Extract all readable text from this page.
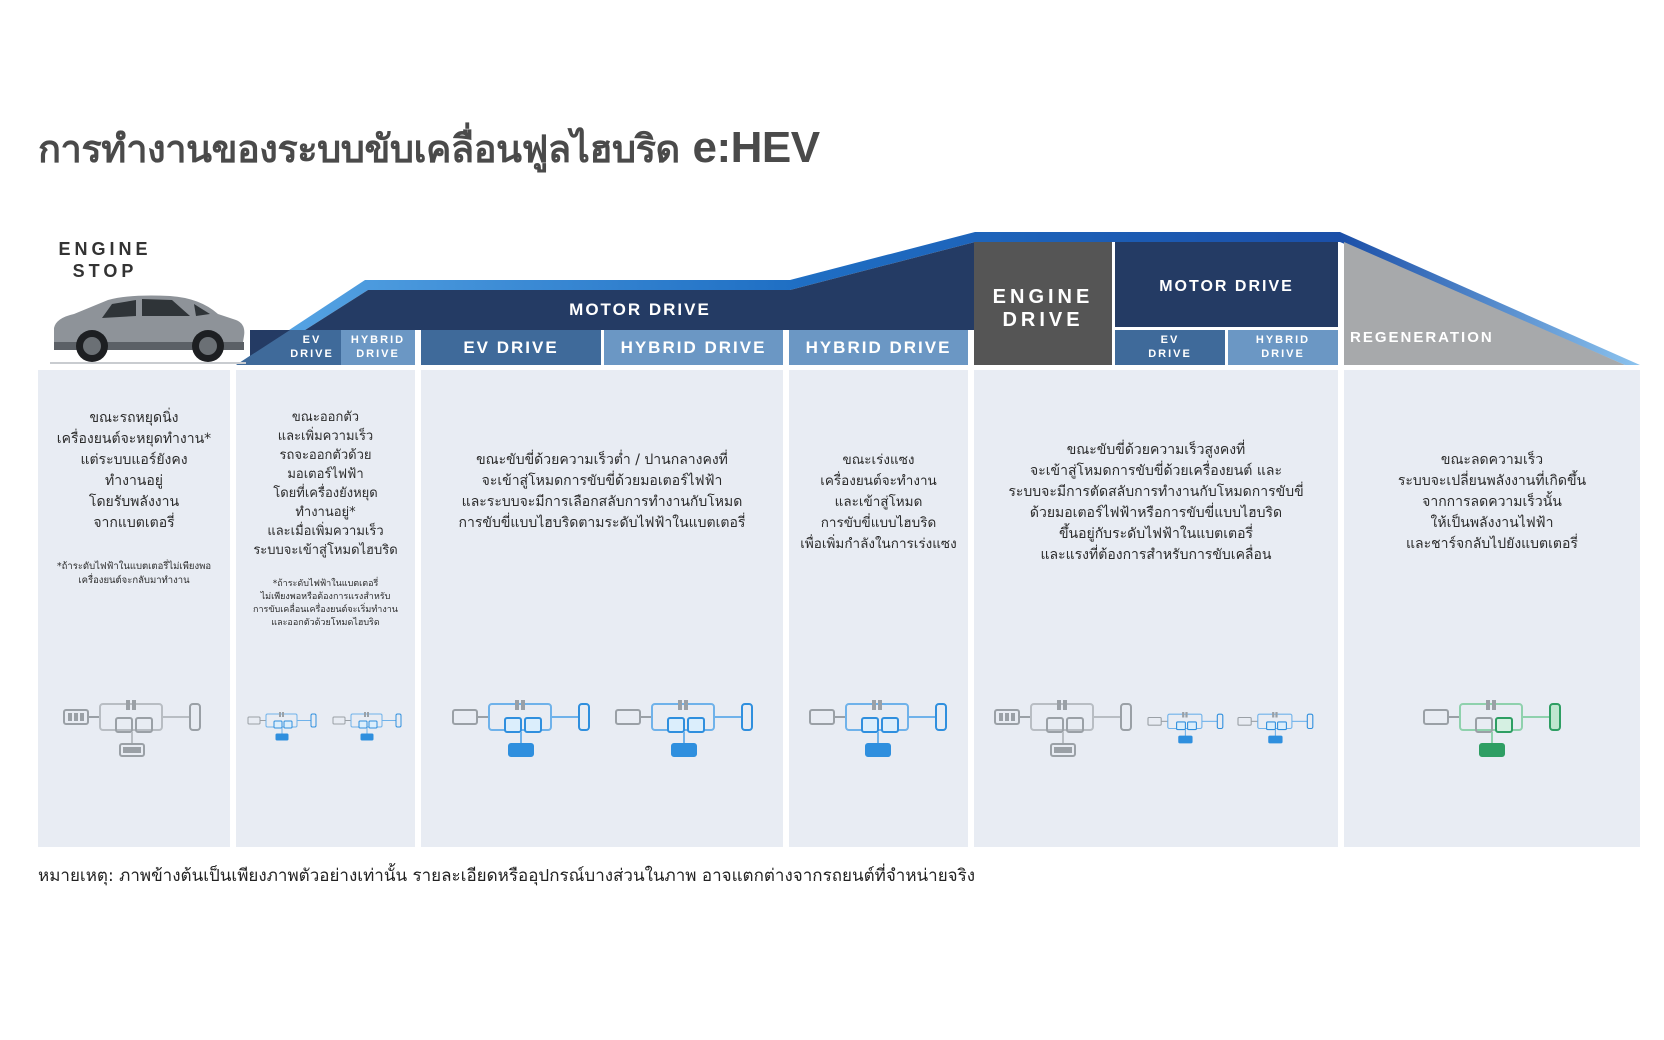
การทำงานของระบบขับเคลื่อนฟูลไฮบริด e:HEV
ENGINE
STOP
MOTOR DRIVE
EV
DRIVE
HYBRID
DRIVE	EV DRIVE	HYBRID DRIVE	HYBRID DRIVE
ENGINE
DRIVE
MOTOR DRIVE
EV
DRIVE
HYBRID
DRIVE
REGENERATION
ขณะรถหยุดนิ่ง
เครื่องยนต์จะหยุดทำงาน*
แต่ระบบแอร์ยังคง
ทำงานอยู่
โดยรับพลังงาน
จากแบตเตอรี่
*ถ้าระดับไฟฟ้าในแบตเตอรี่ไม่เพียงพอ
เครื่องยนต์จะกลับมาทำงาน
ขณะออกตัว
และเพิ่มความเร็ว
รถจะออกตัวด้วย
มอเตอร์ไฟฟ้า
โดยที่เครื่องยังหยุด
ทำงานอยู่*
และเมื่อเพิ่มความเร็ว
ระบบจะเข้าสู่โหมดไฮบริด
*ถ้าระดับไฟฟ้าในแบตเตอรี่
ไม่เพียงพอหรือต้องการแรงสำหรับ
การขับเคลื่อนเครื่องยนต์จะเริ่มทำงาน
และออกตัวด้วยโหมดไฮบริด
ขณะขับขี่ด้วยความเร็วต่ำ / ปานกลางคงที่
จะเข้าสู่โหมดการขับขี่ด้วยมอเตอร์ไฟฟ้า
และระบบจะมีการเลือกสลับการทำงานกับโหมด
การขับขี่แบบไฮบริดตามระดับไฟฟ้าในแบตเตอรี่
ขณะเร่งแซง
เครื่องยนต์จะทำงาน
และเข้าสู่โหมด
การขับขี่แบบไฮบริด
เพื่อเพิ่มกำลังในการเร่งแซง
ขณะขับขี่ด้วยความเร็วสูงคงที่
จะเข้าสู่โหมดการขับขี่ด้วยเครื่องยนต์ และ
ระบบจะมีการตัดสลับการทำงานกับโหมดการขับขี่
ด้วยมอเตอร์ไฟฟ้าหรือการขับขี่แบบไฮบริด
ขึ้นอยู่กับระดับไฟฟ้าในแบตเตอรี่
และแรงที่ต้องการสำหรับการขับเคลื่อน
ขณะลดความเร็ว
ระบบจะเปลี่ยนพลังงานที่เกิดขึ้น
จากการลดความเร็วนั้น
ให้เป็นพลังงานไฟฟ้า
และชาร์จกลับไปยังแบตเตอรี่
หมายเหตุ: ภาพข้างต้นเป็นเพียงภาพตัวอย่างเท่านั้น รายละเอียดหรืออุปกรณ์บางส่วนในภาพ อาจแตกต่างจากรถยนต์ที่จำหน่ายจริง
